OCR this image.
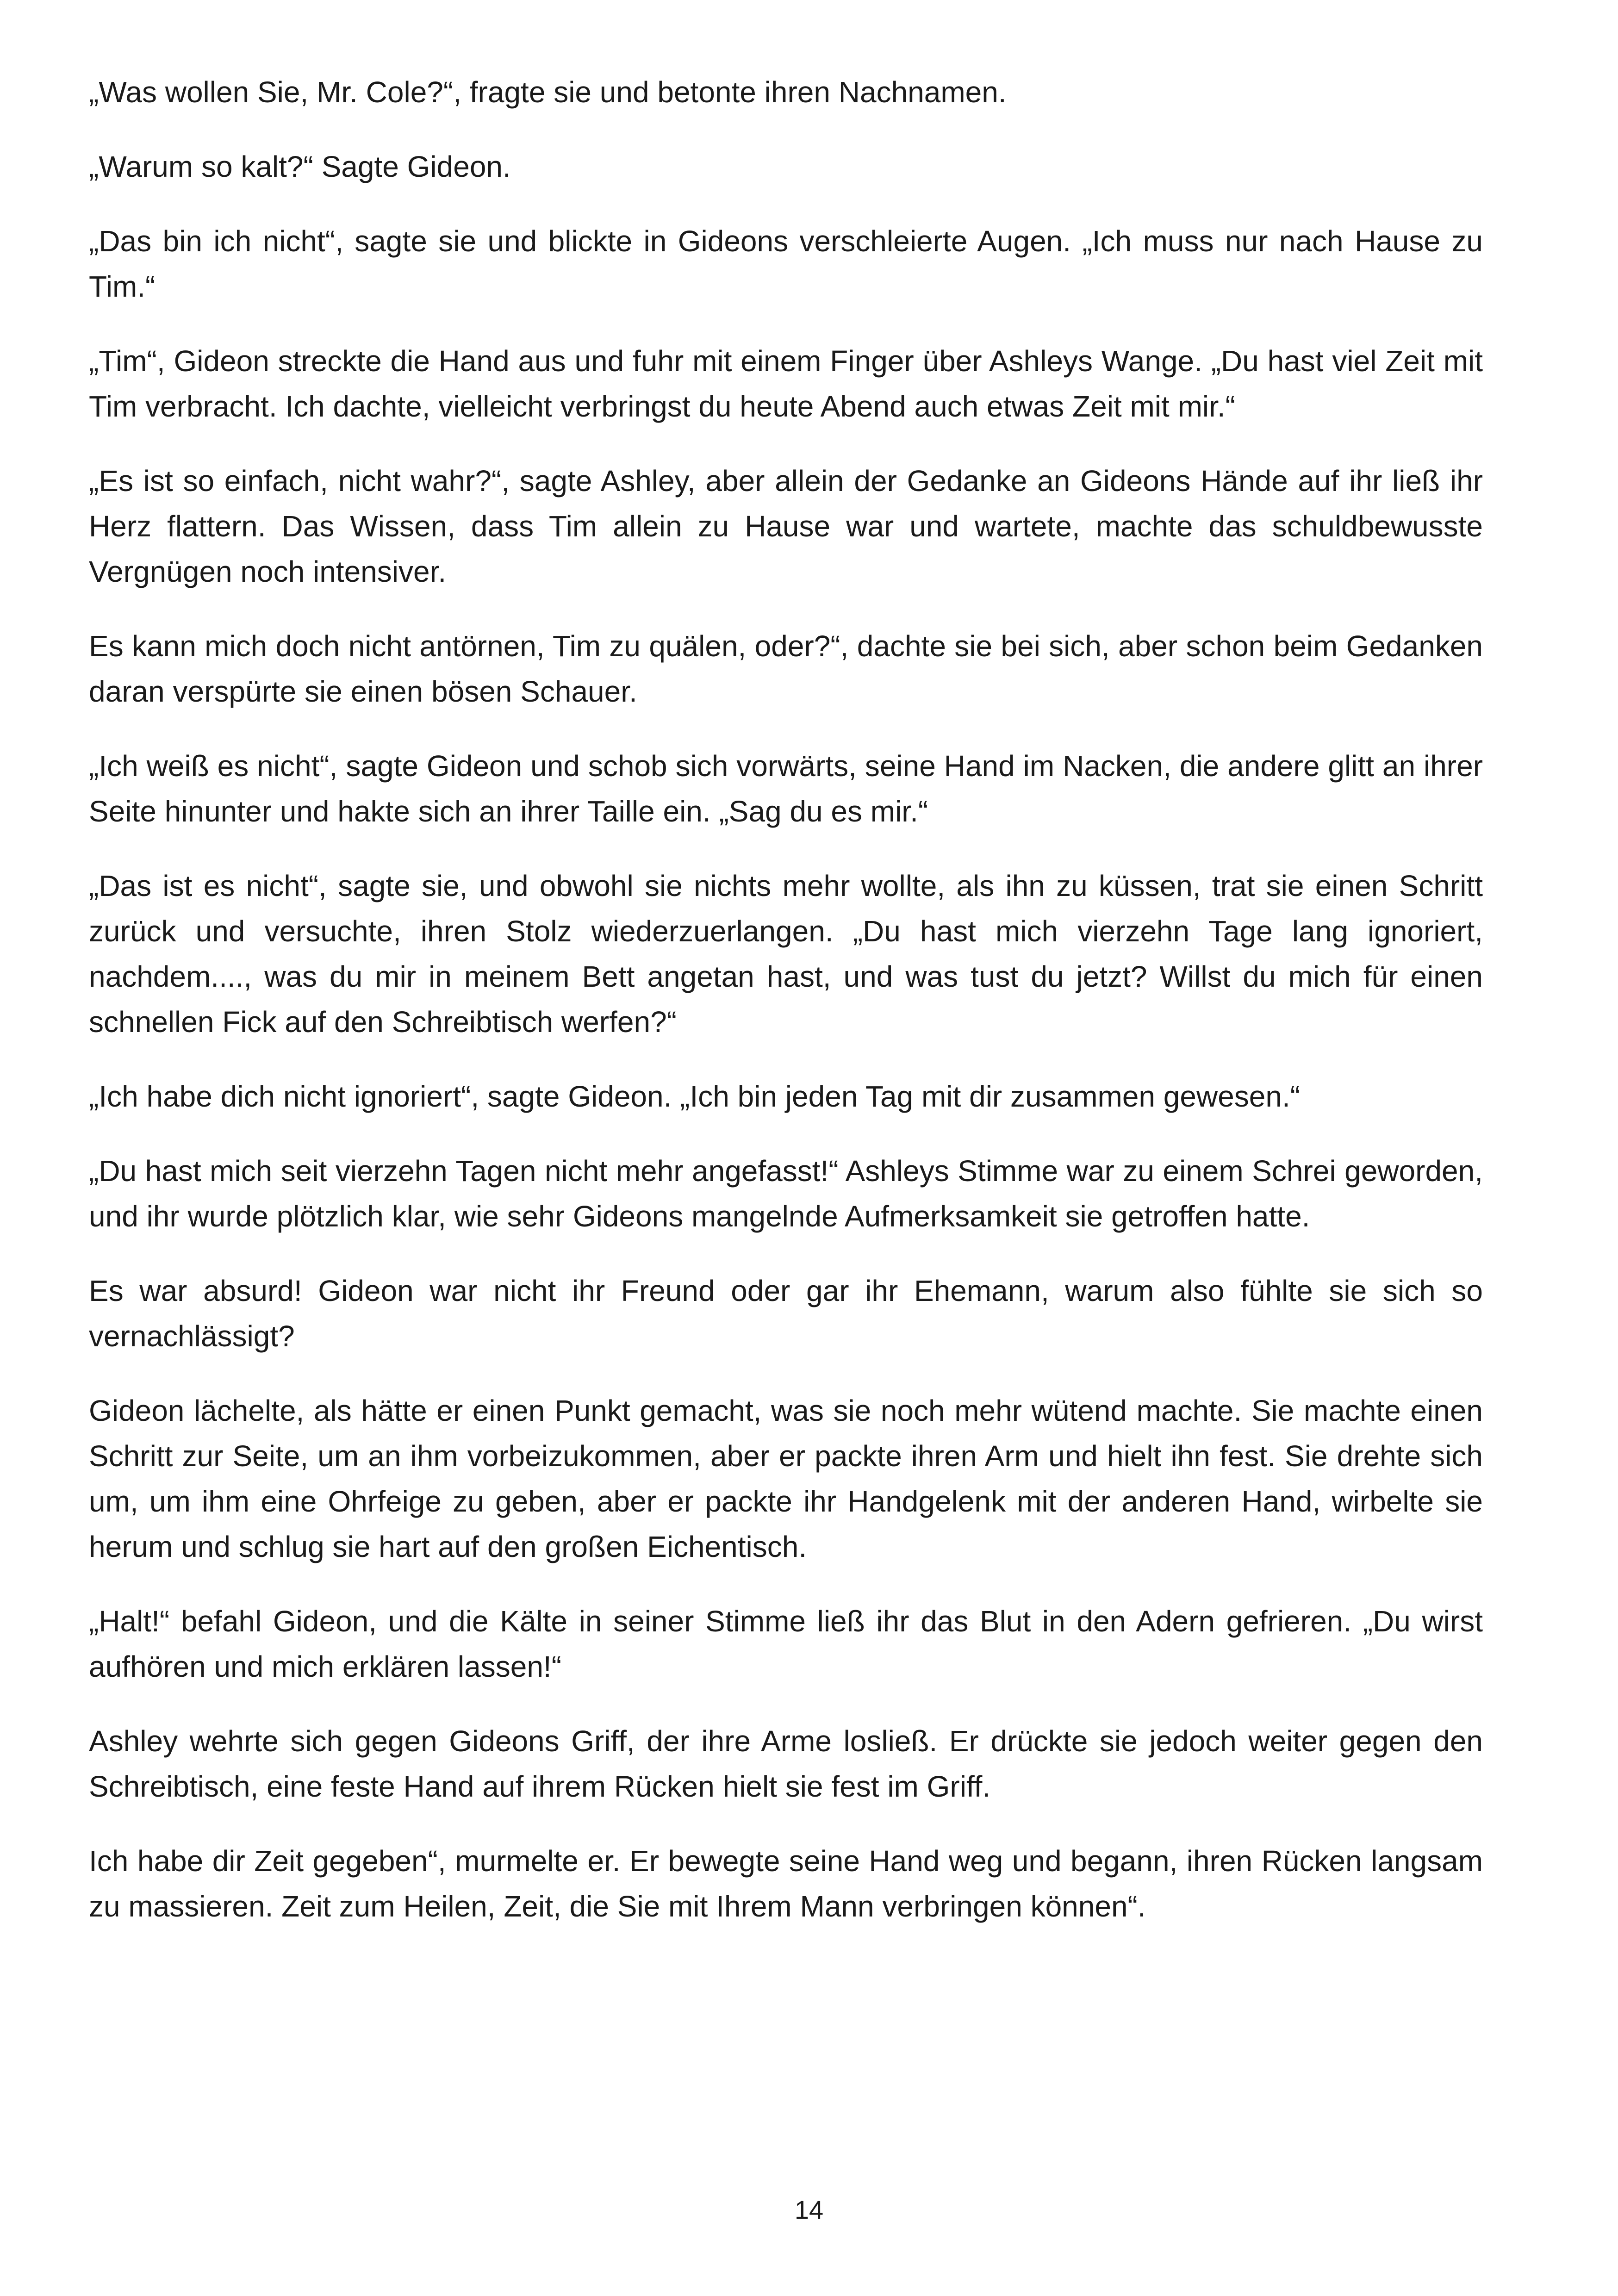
„Was wollen Sie, Mr. Cole?“, fragte sie und betonte ihren Nachnamen.

„Warum so kalt?“ Sagte Gideon.

„Das bin ich nicht“, sagte sie und blickte in Gideons verschleierte Augen. „Ich muss nur nach Hause zu Tim.“

„Tim“, Gideon streckte die Hand aus und fuhr mit einem Finger über Ashleys Wange. „Du hast viel Zeit mit Tim verbracht. Ich dachte, vielleicht verbringst du heute Abend auch etwas Zeit mit mir.“

„Es ist so einfach, nicht wahr?“, sagte Ashley, aber allein der Gedanke an Gideons Hände auf ihr ließ ihr Herz flattern. Das Wissen, dass Tim allein zu Hause war und wartete, machte das schuldbewusste Vergnügen noch intensiver.

Es kann mich doch nicht antörnen, Tim zu quälen, oder?“, dachte sie bei sich, aber schon beim Gedanken daran verspürte sie einen bösen Schauer.

„Ich weiß es nicht“, sagte Gideon und schob sich vorwärts, seine Hand im Nacken, die andere glitt an ihrer Seite hinunter und hakte sich an ihrer Taille ein. „Sag du es mir.“

„Das ist es nicht“, sagte sie, und obwohl sie nichts mehr wollte, als ihn zu küssen, trat sie einen Schritt zurück und versuchte, ihren Stolz wiederzuerlangen. „Du hast mich vierzehn Tage lang ignoriert, nachdem...., was du mir in meinem Bett angetan hast, und was tust du jetzt? Willst du mich für einen schnellen Fick auf den Schreibtisch werfen?“

„Ich habe dich nicht ignoriert“, sagte Gideon. „Ich bin jeden Tag mit dir zusammen gewesen.“

„Du hast mich seit vierzehn Tagen nicht mehr angefasst!“ Ashleys Stimme war zu einem Schrei geworden, und ihr wurde plötzlich klar, wie sehr Gideons mangelnde Aufmerksamkeit sie getroffen hatte.

Es war absurd! Gideon war nicht ihr Freund oder gar ihr Ehemann, warum also fühlte sie sich so vernachlässigt?

Gideon lächelte, als hätte er einen Punkt gemacht, was sie noch mehr wütend machte. Sie machte einen Schritt zur Seite, um an ihm vorbeizukommen, aber er packte ihren Arm und hielt ihn fest. Sie drehte sich um, um ihm eine Ohrfeige zu geben, aber er packte ihr Handgelenk mit der anderen Hand, wirbelte sie herum und schlug sie hart auf den großen Eichentisch.

„Halt!“ befahl Gideon, und die Kälte in seiner Stimme ließ ihr das Blut in den Adern gefrieren. „Du wirst aufhören und mich erklären lassen!“

Ashley wehrte sich gegen Gideons Griff, der ihre Arme losließ. Er drückte sie jedoch weiter gegen den Schreibtisch, eine feste Hand auf ihrem Rücken hielt sie fest im Griff.

Ich habe dir Zeit gegeben“, murmelte er. Er bewegte seine Hand weg und begann, ihren Rücken langsam zu massieren. Zeit zum Heilen, Zeit, die Sie mit Ihrem Mann verbringen können“.

14
